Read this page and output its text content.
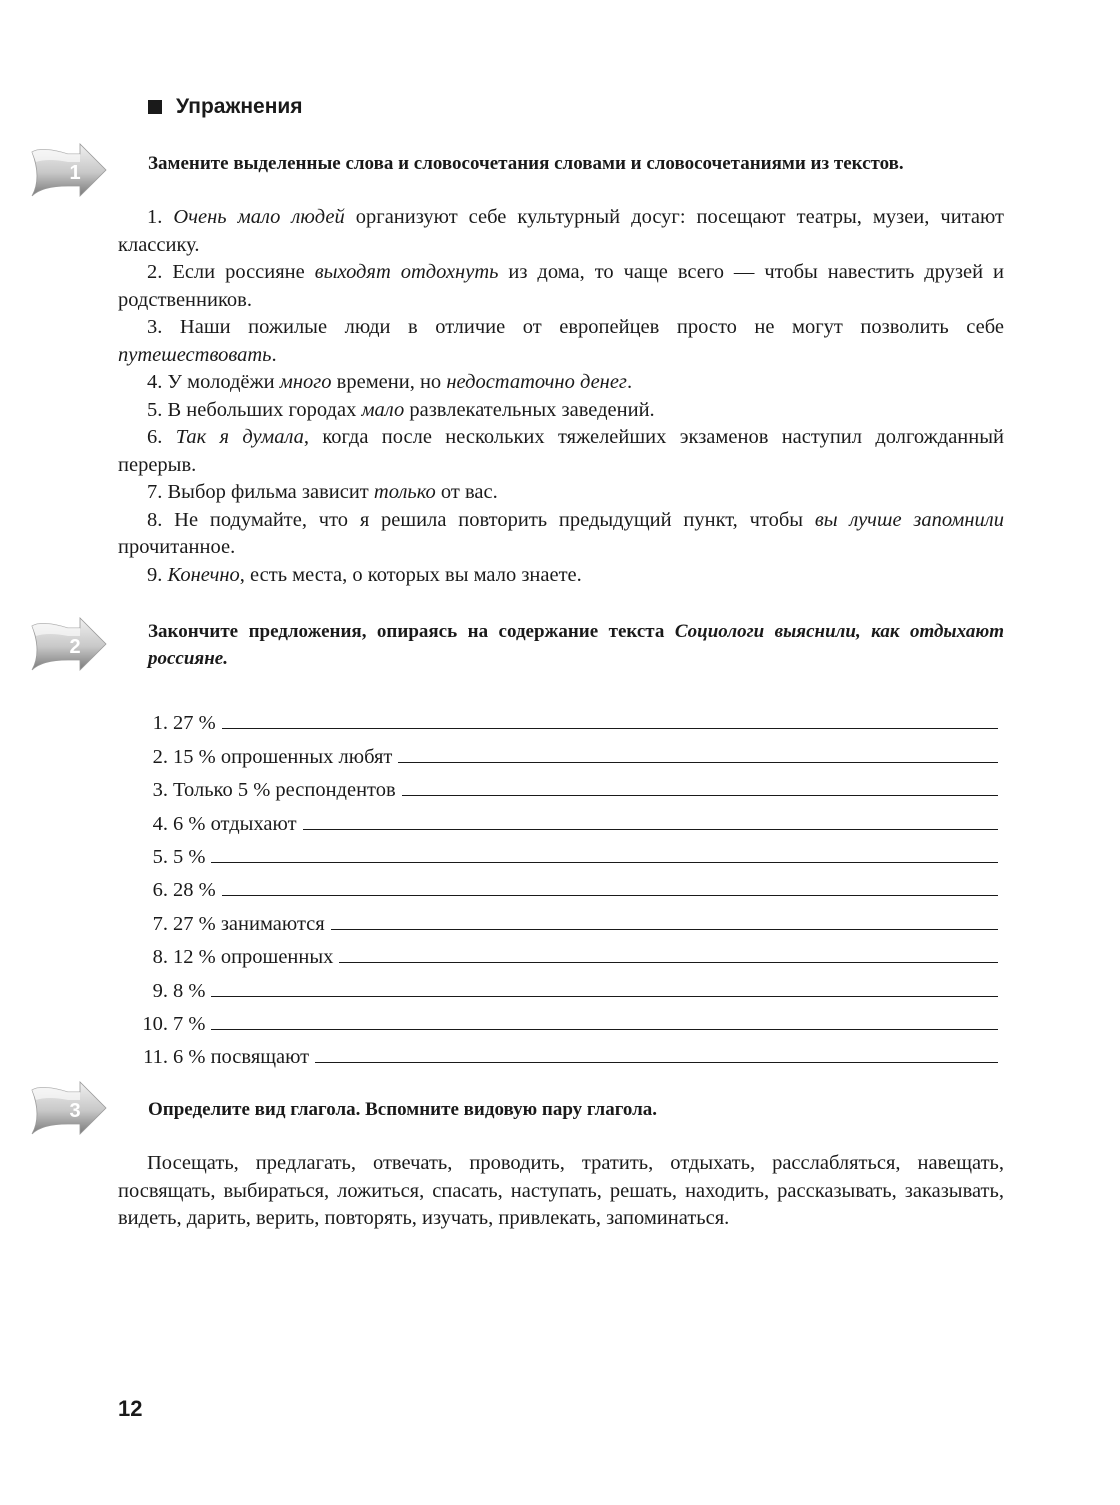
Упражнения
1	Замените выделенные слова и словосочетания словами и словосочетаниями из текстов.

1. Очень мало людей организуют себе культурный досуг: посещают театры, музеи, читают классику.

2. Если россияне выходят отдохнуть из дома, то чаще всего — чтобы навестить друзей и родственников.

3. Наши пожилые люди в отличие от европейцев просто не могут позволить себе путешествовать.

4. У молодёжи много времени, но недостаточно денег.

5. В небольших городах мало развлекательных заведений.

6. Так я думала, когда после нескольких тяжелейших экзаменов наступил долгожданный перерыв.

7. Выбор фильма зависит только от вас.

8. Не подумайте, что я решила повторить предыдущий пункт, чтобы вы лучше запомнили прочитанное.

9. Конечно, есть места, о которых вы мало знаете.

2
Закончите предложения, опираясь на содержание текста Социологи выяснили, как отдыхают россияне.
1. 27 %
2. 15 % опрошенных любят
3. Только 5 % респондентов
4. 6 % отдыхают
5. 5 %
6. 28 %
7. 27 % занимаются
8. 12 % опрошенных
9. 8 %
10. 7 %
11. 6 % посвящают
3	Определите вид глагола. Вспомните видовую пару глагола.
Посещать, предлагать, отвечать, проводить, тратить, отдыхать, расслабляться, навещать, посвящать, выбираться, ложиться, спасать, наступать, решать, находить, рассказывать, заказывать, видеть, дарить, верить, повторять, изучать, привлекать, запоминаться.
12
